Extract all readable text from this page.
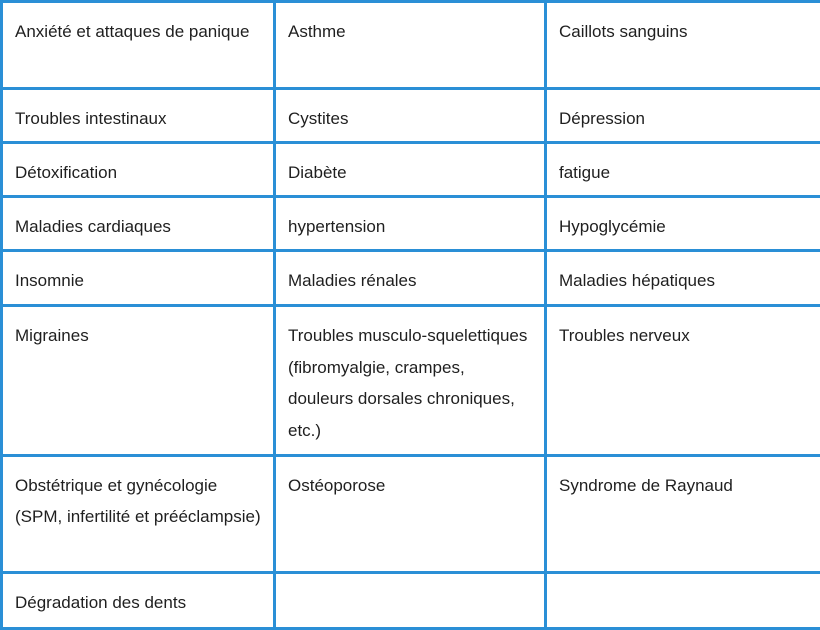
Anxiété et attaques de panique	Asthme	Caillots sanguins
Troubles intestinaux	Cystites	Dépression
Détoxification	Diabète	fatigue
Maladies cardiaques	hypertension	Hypoglycémie
Insomnie	Maladies rénales	Maladies hépatiques
Migraines	Troubles musculo-squelettiques (fibromyalgie, crampes, douleurs dorsales chroniques, etc.)	Troubles nerveux
Obstétrique et gynécologie (SPM, infertilité et prééclampsie)	Ostéoporose	Syndrome de Raynaud
Dégradation des dents		
